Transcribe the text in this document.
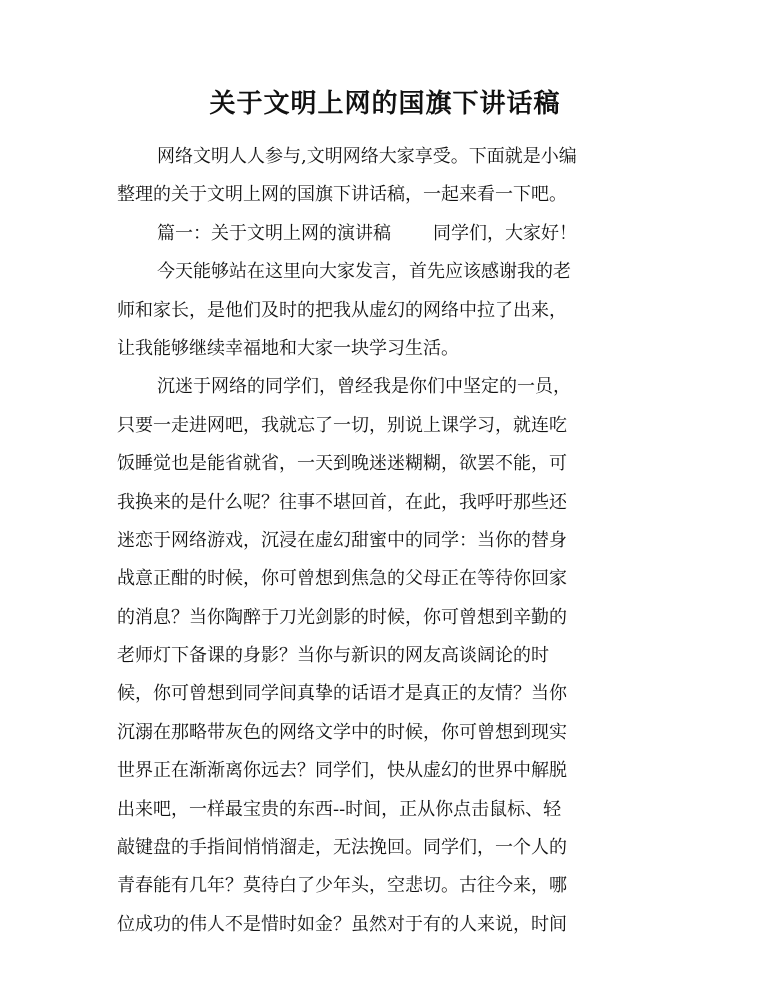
关于文明上网的国旗下讲话稿
网络文明人人参与,文明网络大家享受。下面就是小编
整理的关于文明上网的国旗下讲话稿，一起来看一下吧。
篇一：关于文明上网的演讲稿 同学们，大家好！
今天能够站在这里向大家发言，首先应该感谢我的老
师和家长，是他们及时的把我从虚幻的网络中拉了出来，
让我能够继续幸福地和大家一块学习生活。
沉迷于网络的同学们，曾经我是你们中坚定的一员，
只要一走进网吧，我就忘了一切，别说上课学习，就连吃
饭睡觉也是能省就省，一天到晚迷迷糊糊，欲罢不能，可
我换来的是什么呢？往事不堪回首，在此，我呼吁那些还
迷恋于网络游戏，沉浸在虚幻甜蜜中的同学：当你的替身
战意正酣的时候，你可曾想到焦急的父母正在等待你回家
的消息？当你陶醉于刀光剑影的时候，你可曾想到辛勤的
老师灯下备课的身影？当你与新识的网友高谈阔论的时
候，你可曾想到同学间真挚的话语才是真正的友情？当你
沉溺在那略带灰色的网络文学中的时候，你可曾想到现实
世界正在渐渐离你远去？同学们，快从虚幻的世界中解脱
出来吧，一样最宝贵的东西--时间，正从你点击鼠标、轻
敲键盘的手指间悄悄溜走，无法挽回。同学们，一个人的
青春能有几年？莫待白了少年头，空悲切。古往今来，哪
位成功的伟人不是惜时如金？虽然对于有的人来说，时间
